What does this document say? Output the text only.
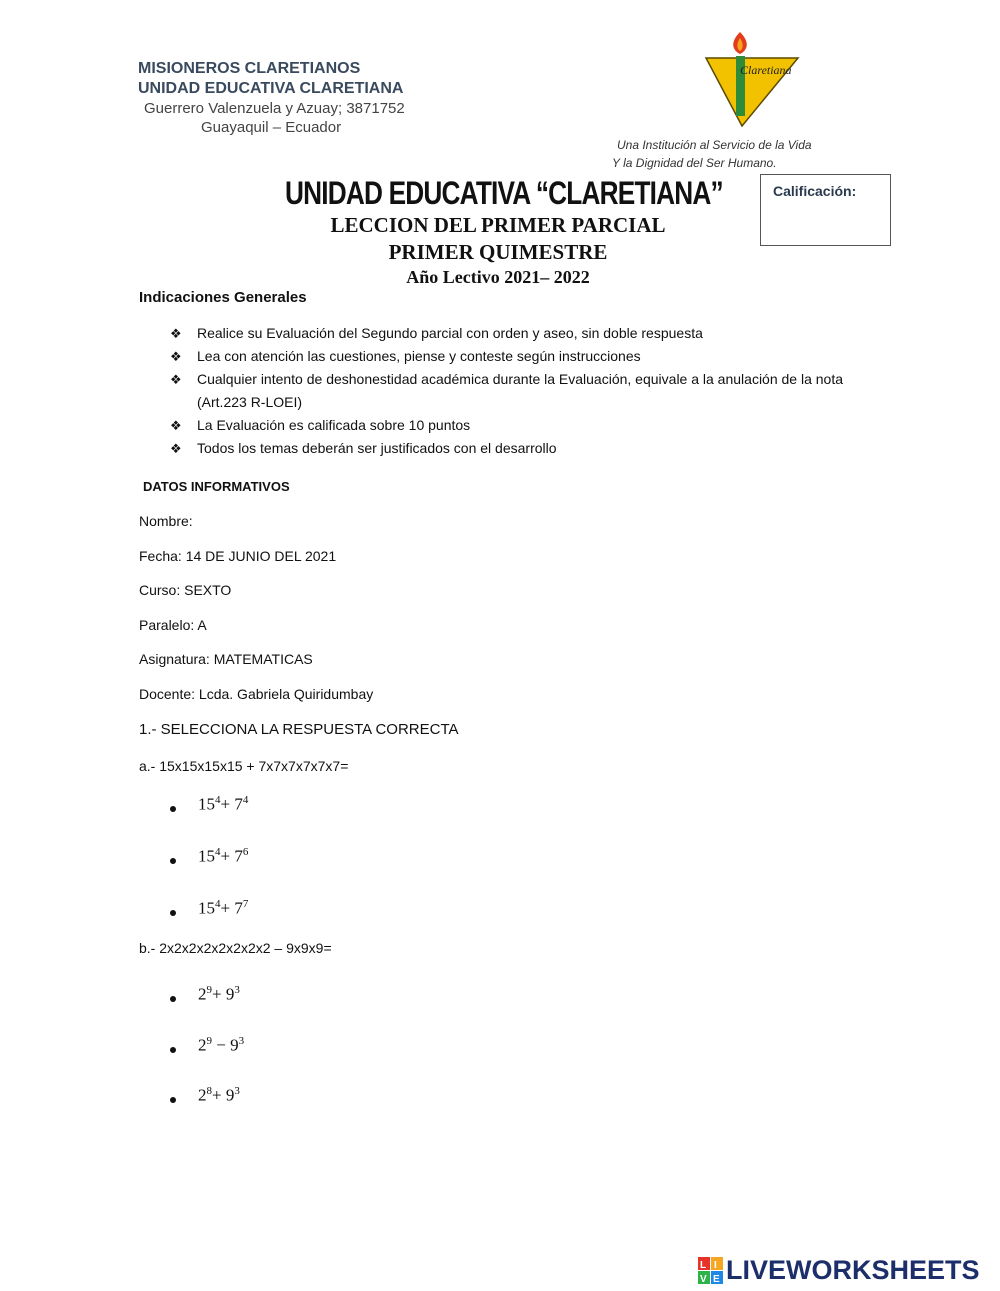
MISIONEROS CLARETIANOS
UNIDAD EDUCATIVA CLARETIANA
Guerrero Valenzuela y Azuay; 3871752
Guayaquil – Ecuador
Claretiana
Una Institución al Servicio de la Vida
Y la Dignidad del Ser Humano.
UNIDAD EDUCATIVA “CLARETIANA”
LECCION DEL PRIMER PARCIAL
PRIMER QUIMESTRE
Año Lectivo 2021– 2022
Calificación:
Indicaciones Generales
❖ Realice su Evaluación del Segundo parcial con orden y aseo, sin doble respuesta
❖ Lea con atención las cuestiones, piense y conteste según instrucciones
❖ Cualquier intento de deshonestidad académica durante la Evaluación, equivale a la anulación de la nota (Art.223 R-LOEI)
❖ La Evaluación es calificada sobre 10 puntos
❖ Todos los temas deberán ser justificados con el desarrollo
DATOS INFORMATIVOS
Nombre:
Fecha: 14 DE JUNIO DEL 2021
Curso: SEXTO
Paralelo: A
Asignatura: MATEMATICAS
Docente: Lcda. Gabriela Quiridumbay
1.- SELECCIONA LA RESPUESTA CORRECTA
a.- 15x15x15x15 + 7x7x7x7x7x7=
$15^4+ 7^4$
$15^4+ 7^6$
$15^4+ 7^7$
b.- 2x2x2x2x2x2x2x2 – 9x9x9=
$2^9+ 9^3$
$2^9 - 9^3$
$2^8+ 9^3$
L I
V E LIVEWORKSHEETS
